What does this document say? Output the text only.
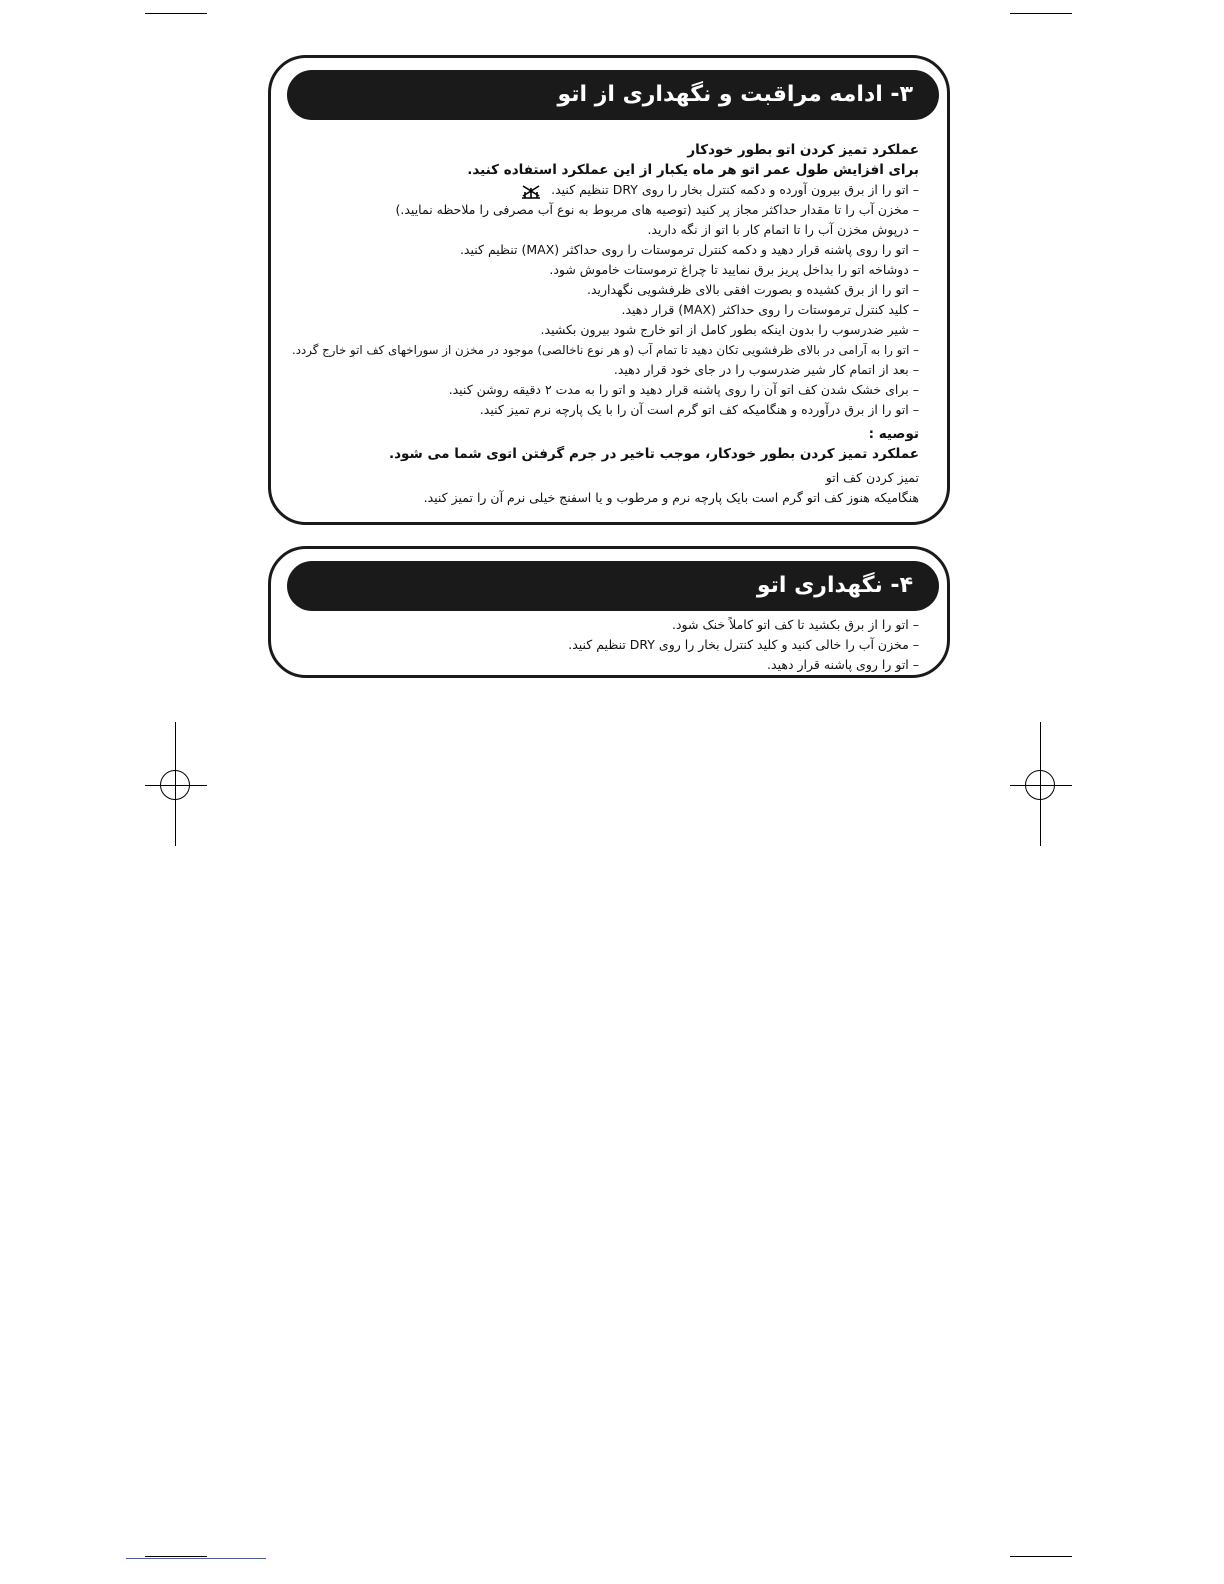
۳- ادامه مراقبت و نگهداری از اتو
عملکرد تمیز کردن اتو بطور خودکار
برای افزایش طول عمر اتو هر ماه یکبار از این عملکرد استفاده کنید.
– اتو را از برق بیرون آورده و دکمه کنترل بخار را روی DRY تنظیم کنید.
– مخزن آب را تا مقدار حداکثر مجاز پر کنید (توصیه های مربوط به نوع آب مصرفی را ملاحظه نمایید.)
– درپوش مخزن آب را تا اتمام کار با اتو از نگه دارید.
– اتو را روی پاشنه قرار دهید و دکمه کنترل ترموستات را روی حداکثر (MAX) تنظیم کنید.
– دوشاخه اتو را بداخل پریز برق نمایید تا چراغ ترموستات خاموش شود.
– اتو را از برق کشیده و بصورت افقی بالای ظرفشویی نگهدارید.
– کلید کنترل ترموستات را روی حداکثر (MAX) قرار دهید.
– شیر ضدرسوب را بدون اینکه بطور کامل از اتو خارج شود بیرون بکشید.
– اتو را به آرامی در بالای ظرفشویی تکان دهید تا تمام آب (و هر نوع ناخالصی) موجود در مخزن از سوراخهای کف اتو خارج گردد.
– بعد از اتمام کار شیر ضدرسوب را در جای خود قرار دهید.
– برای خشک شدن کف اتو آن را روی پاشنه قرار دهید و اتو را به مدت ۲ دقیقه روشن کنید.
– اتو را از برق درآورده و هنگامیکه کف اتو گرم است آن را با یک پارچه نرم تمیز کنید.
توصیه :
عملکرد تمیز کردن بطور خودکار، موجب تاخیر در جرم گرفتن اتوی شما می شود.
تمیز کردن کف اتو
هنگامیکه هنوز کف اتو گرم است بایک پارچه نرم و مرطوب و یا اسفنج خیلی نرم آن را تمیز کنید.
۴- نگهداری اتو
– اتو را از برق بکشید تا کف اتو کاملاً خنک شود.
– مخزن آب را خالی کنید و کلید کنترل بخار را روی DRY تنظیم کنید.
– اتو را روی پاشنه قرار دهید.
